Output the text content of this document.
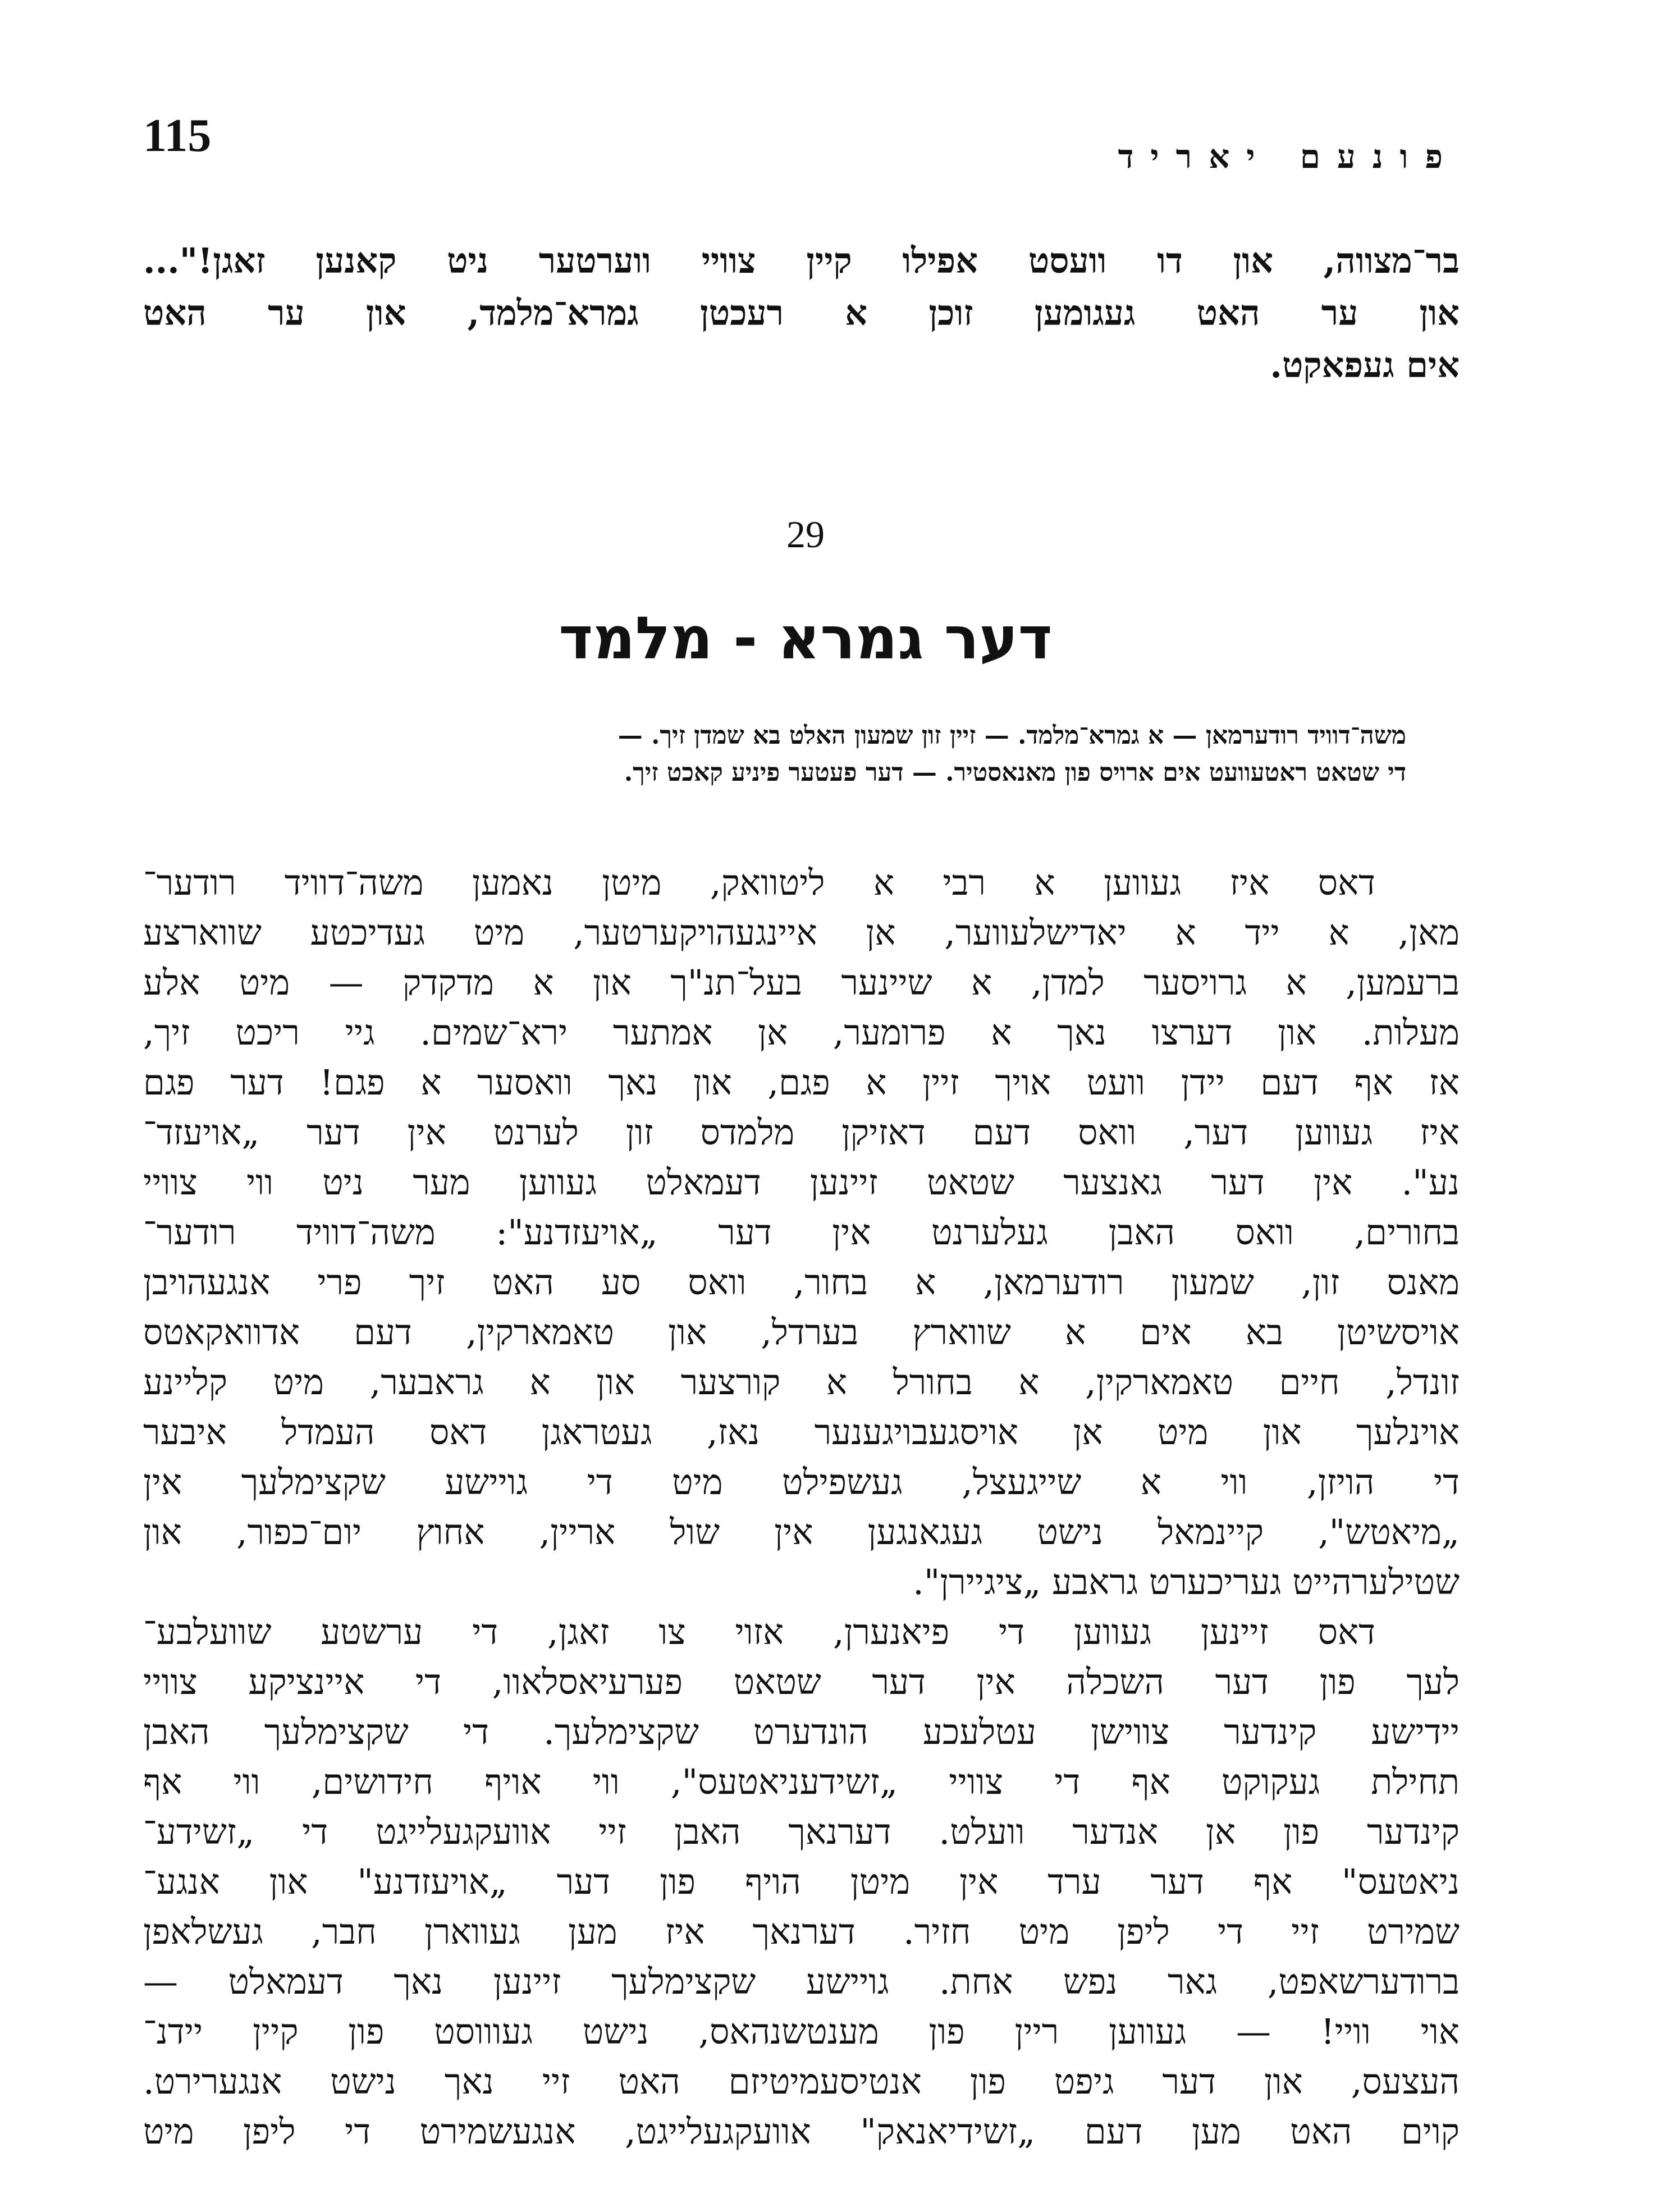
115	פונעם יאריד
בר־מצווה, און דו וועסט אפילו קיין צוויי ווערטער ניט קאנען זאגן!"...
און ער האט געגומען זוכן א רעכטן גמרא־מלמד, און ער האט
אים געפאקט.
29
דער גמרא - מלמד
משה־דוויד רודערמאן — א גמרא־מלמד. — זיין זון שמעון האלט בא שמדן זיך. —
די שטאט ראטעוועט אים ארויס פון מאנאסטיר. — דער פעטער פיניע קאכט זיך.
דאס איז געווען א רבי א ליטוואק, מיטן נאמען משה־דוויד רודער־
מאן, א ייד א יאדישלעווער, אן איינגעהויקערטער, מיט געדיכטע שווארצע
ברעמען, א גרויסער למדן, א שיינער בעל־תנ"ך און א מדקדק — מיט אלע
מעלות. און דערצו נאך א פרומער, אן אמתער ירא־שמים. גיי ריכט זיך,
אז אף דעם יידן וועט אויך זיין א פגם, און נאך וואסער א פגם! דער פגם
איז געווען דער, וואס דעם דאזיקן מלמדס זון לערנט אין דער „אויעזד־
נע". אין דער גאנצער שטאט זיינען דעמאלט געווען מער ניט ווי צוויי
בחורים, וואס האבן געלערנט אין דער „אויעזדנע": משה־דוויד רודער־
מאנס זון, שמעון רודערמאן, א בחור, וואס סע האט זיך פרי אנגעהויבן
אויסשיטן בא אים א שווארץ בערדל, און טאמארקין, דעם אדוואקאטס
זונדל, חיים טאמארקין, א בחורל א קורצער און א גראבער, מיט קליינע
אוינלעך און מיט אן אויסגעבויגענער נאז, געטראגן דאס העמדל איבער
די הויזן, ווי א שייגעצל, געשפילט מיט די גויישע שקצימלעך אין
„מיאטש", קיינמאל נישט געגאנגען אין שול אריין, אחוץ יום־כפור, און
שטילערהייט געריכערט גראבע „ציגיירן".
דאס זיינען געווען די פיאנערן, אזוי צו זאגן, די ערשטע שוועלבע־
לעך פון דער השכלה אין דער שטאט פערעיאסלאוו, די איינציקע צוויי
יידישע קינדער צווישן עטלעכע הונדערט שקצימלעך. די שקצימלעך האבן
תחילת געקוקט אף די צוויי „זשידעניאטעס", ווי אויף חידושים, ווי אף
קינדער פון אן אנדער וועלט. דערנאך האבן זיי אוועקגעלייגט די „זשידע־
ניאטעס" אף דער ערד אין מיטן הויף פון דער „אויעזדנע" און אנגע־
שמירט זיי די ליפן מיט חזיר. דערנאך איז מען געווארן חבר, געשלאפן
ברודערשאפט, גאר נפש אחת. גויישע שקצימלעך זיינען נאך דעמאלט —
אוי וויי! — געווען ריין פון מענטשנהאס, נישט געוווסט פון קיין יידנ־
העצעס, און דער גיפט פון אנטיסעמיטיזם האט זיי נאך נישט אנגערירט.
קוים האט מען דעם „זשידיאנאק" אוועקגעלייגט, אנגעשמירט די ליפן מיט
